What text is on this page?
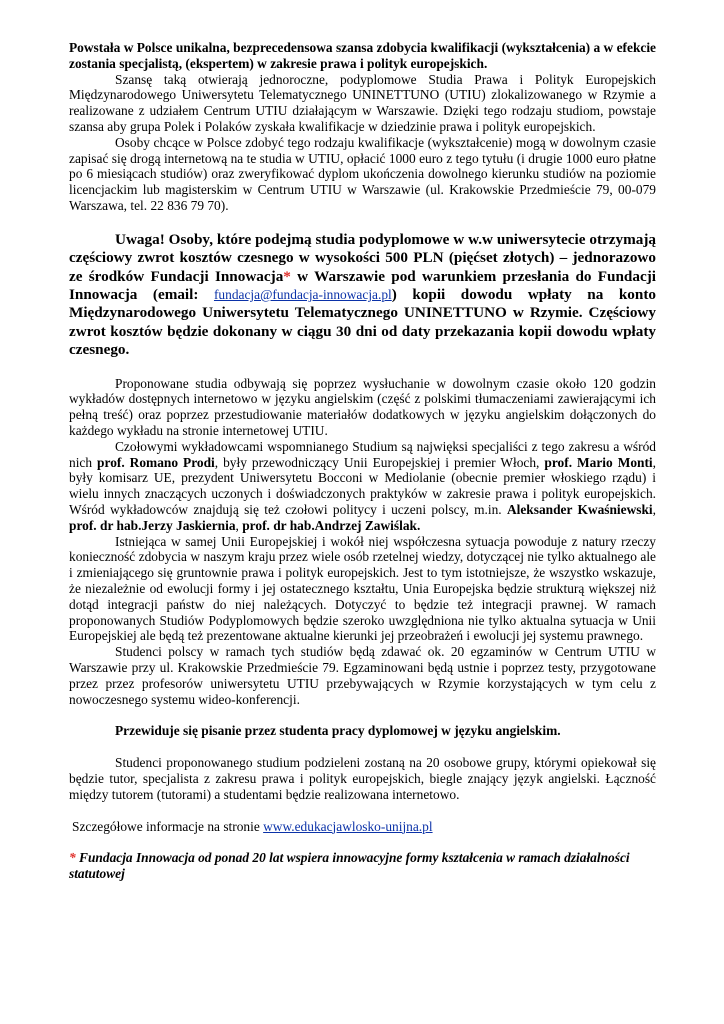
Powstała w Polsce unikalna, bezprecedensowa szansa zdobycia kwalifikacji (wykształcenia) a w efekcie zostania specjalistą, (ekspertem) w zakresie prawa i polityk europejskich.

Szansę taką otwierają jednoroczne, podyplomowe Studia Prawa i Polityk Europejskich Międzynarodowego Uniwersytetu Telematycznego UNINETTUNO (UTIU) zlokalizowanego w Rzymie a realizowane z udziałem Centrum UTIU działającym w Warszawie. Dzięki tego rodzaju studiom, powstaje szansa aby grupa Polek i Polaków zyskała kwalifikacje w dziedzinie prawa i polityk europejskich.

Osoby chcące w Polsce zdobyć tego rodzaju kwalifikacje (wykształcenie) mogą w dowolnym czasie zapisać się drogą internetową na te studia w UTIU, opłacić 1000 euro z tego tytułu (i drugie 1000 euro płatne po 6 miesiącach studiów) oraz zweryfikować dyplom ukończenia dowolnego kierunku studiów na poziomie licencjackim lub magisterskim w Centrum UTIU w Warszawie (ul. Krakowskie Przedmieście 79, 00-079 Warszawa, tel. 22 836 79 70).

Uwaga! Osoby, które podejmą studia podyplomowe w w.w uniwersytecie otrzymają częściowy zwrot kosztów czesnego w wysokości 500 PLN (pięćset złotych) – jednorazowo ze środków Fundacji Innowacja* w Warszawie pod warunkiem przesłania do Fundacji Innowacja (email: fundacja@fundacja-innowacja.pl) kopii dowodu wpłaty na konto Międzynarodowego Uniwersytetu Telematycznego UNINETTUNO w Rzymie. Częściowy zwrot kosztów będzie dokonany w ciągu 30 dni od daty przekazania kopii dowodu wpłaty czesnego.

Proponowane studia odbywają się poprzez wysłuchanie w dowolnym czasie około 120 godzin wykładów dostępnych internetowo w języku angielskim (część z polskimi tłumaczeniami zawierającymi ich pełną treść) oraz poprzez przestudiowanie materiałów dodatkowych w języku angielskim dołączonych do każdego wykładu na stronie internetowej UTIU.

Czołowymi wykładowcami wspomnianego Studium są najwięksi specjaliści z tego zakresu a wśród nich prof. Romano Prodi, były przewodniczący Unii Europejskiej i premier Włoch, prof. Mario Monti, były komisarz UE, prezydent Uniwersytetu Bocconi w Mediolanie (obecnie premier włoskiego rządu) i wielu innych znaczących uczonych i doświadczonych praktyków w zakresie prawa i polityk europejskich. Wśród wykładowców znajdują się też czołowi politycy i uczeni polscy, m.in. Aleksander Kwaśniewski, prof. dr hab.Jerzy Jaskiernia, prof. dr hab.Andrzej Zawiślak.

Istniejąca w samej Unii Europejskiej i wokół niej współczesna sytuacja powoduje z natury rzeczy konieczność zdobycia w naszym kraju przez wiele osób rzetelnej wiedzy, dotyczącej nie tylko aktualnego ale i zmieniającego się gruntownie prawa i polityk europejskich. Jest to tym istotniejsze, że wszystko wskazuje, że niezależnie od ewolucji formy i jej ostatecznego kształtu, Unia Europejska będzie strukturą większej niż dotąd integracji państw do niej należących. Dotyczyć to będzie też integracji prawnej. W ramach proponowanych Studiów Podyplomowych będzie szeroko uwzględniona nie tylko aktualna sytuacja w Unii Europejskiej ale będą też prezentowane aktualne kierunki jej przeobrażeń i ewolucji jej systemu prawnego.

Studenci polscy w ramach tych studiów będą zdawać ok. 20 egzaminów w Centrum UTIU w Warszawie przy ul. Krakowskie Przedmieście 79. Egzaminowani będą ustnie i poprzez testy, przygotowane przez przez profesorów uniwersytetu UTIU przebywających w Rzymie korzystających w tym celu z nowoczesnego systemu wideo-konferencji.

Przewiduje się pisanie przez studenta pracy dyplomowej w języku angielskim.

Studenci proponowanego studium podzieleni zostaną na 20 osobowe grupy, którymi opiekował się będzie tutor, specjalista z zakresu prawa i polityk europejskich, biegle znający język angielski. Łączność między tutorem (tutorami) a studentami będzie realizowana internetowo.

Szczegółowe informacje na stronie www.edukacjawlosko-unijna.pl

* Fundacja Innowacja od ponad 20 lat wspiera innowacyjne formy kształcenia w ramach działalności statutowej
